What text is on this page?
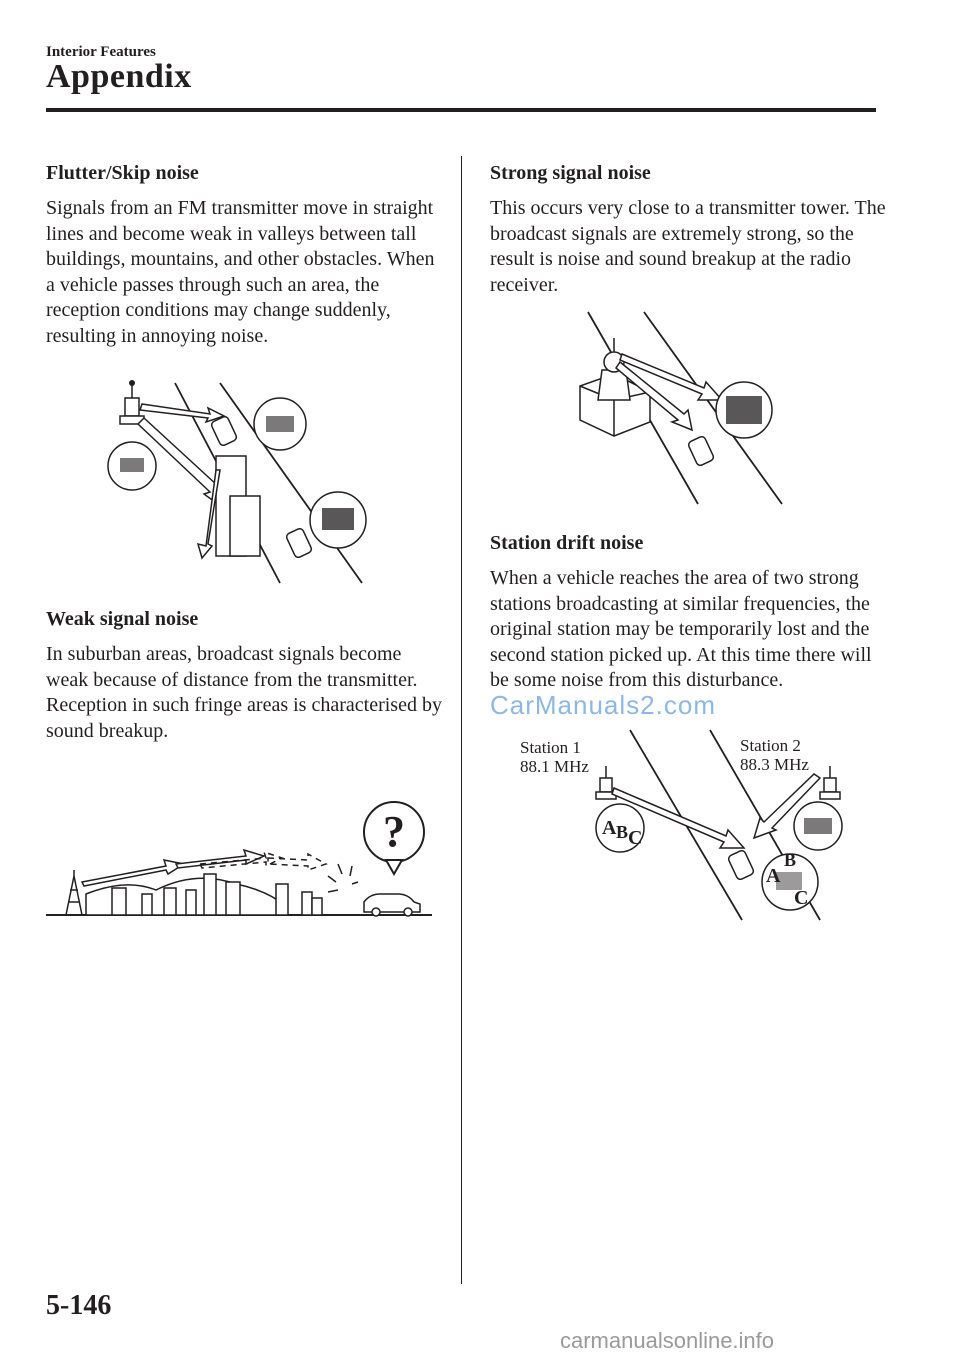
Interior Features
Appendix
Flutter/Skip noise
Signals from an FM transmitter move in straight lines and become weak in valleys between tall buildings, mountains, and other obstacles. When a vehicle passes through such an area, the reception conditions may change suddenly, resulting in annoying noise.
Weak signal noise
In suburban areas, broadcast signals become weak because of distance from the transmitter. Reception in such fringe areas is characterised by sound breakup.
?
Strong signal noise
This occurs very close to a transmitter tower. The broadcast signals are extremely strong, so the result is noise and sound breakup at the radio receiver.
Station drift noise
When a vehicle reaches the area of two strong stations broadcasting at similar frequencies, the original station may be temporarily lost and the second station picked up. At this time there will be some noise from this disturbance.
Station 1
88.1 MHz
Station 2
88.3 MHz
A B C
A
B
C
5-146
CarManuals2.com
carmanualsonline.info
